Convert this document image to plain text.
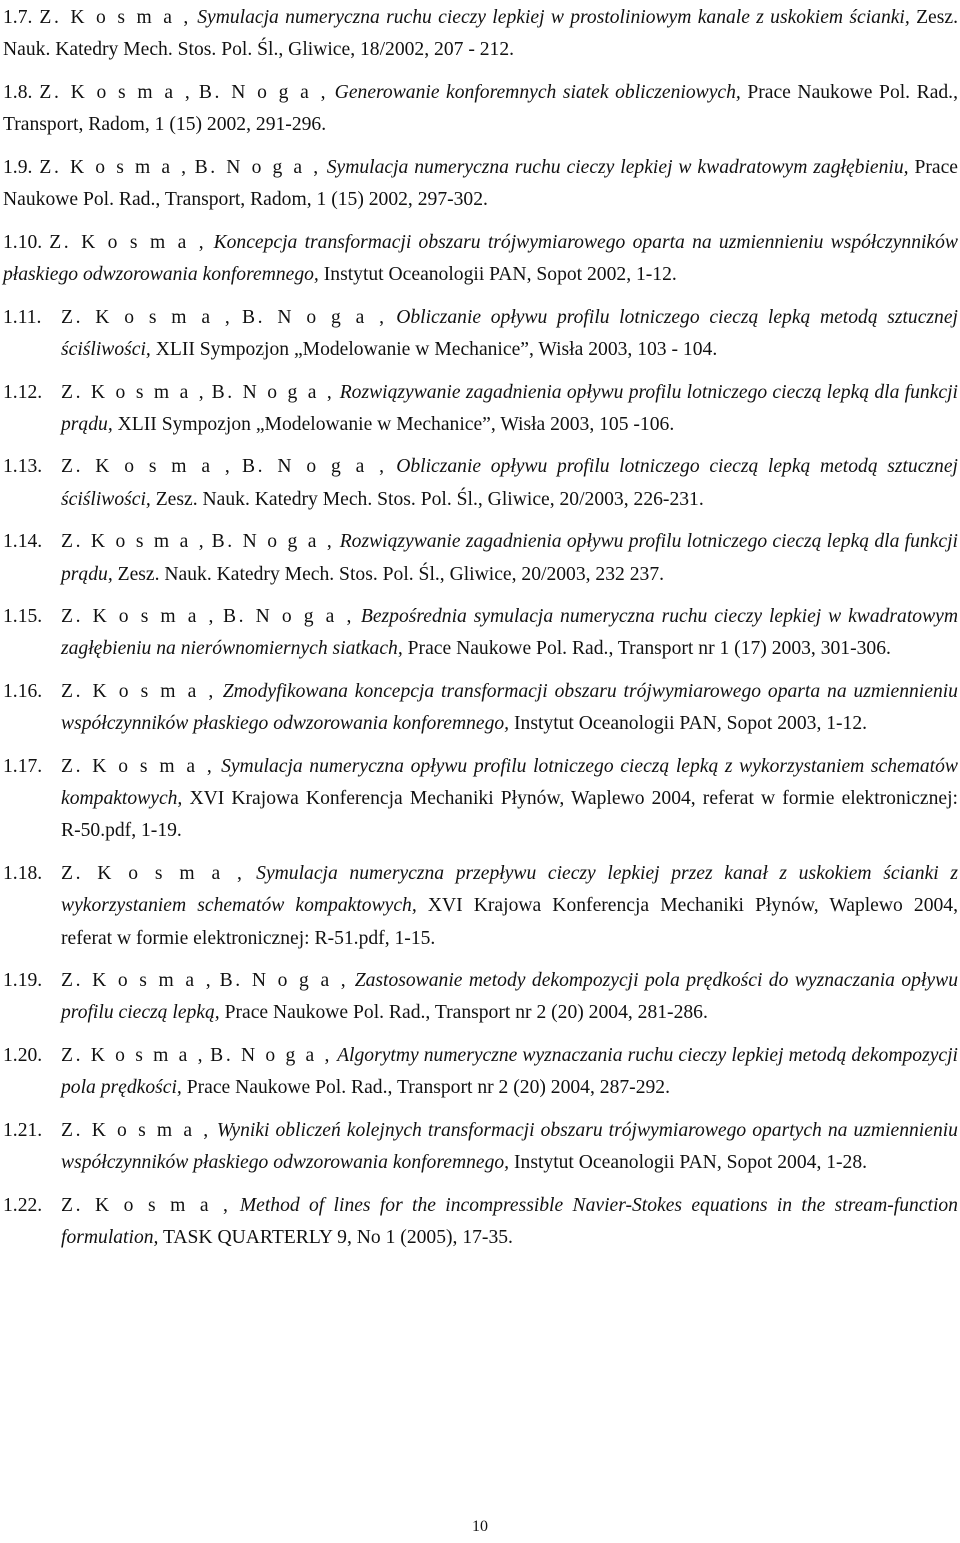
1.7. Z. K o s m a , Symulacja numeryczna ruchu cieczy lepkiej w prostoliniowym kanale z uskokiem ścianki, Zesz. Nauk. Katedry Mech. Stos. Pol. Śl., Gliwice, 18/2002, 207 - 212.
1.8. Z. K o s m a , B. N o g a , Generowanie konforemnych siatek obliczeniowych, Prace Naukowe Pol. Rad., Transport, Radom, 1 (15) 2002, 291-296.
1.9. Z. K o s m a , B. N o g a , Symulacja numeryczna ruchu cieczy lepkiej w kwadratowym zagłębieniu, Prace Naukowe Pol. Rad., Transport, Radom, 1 (15) 2002, 297-302.
1.10. Z. K o s m a , Koncepcja transformacji obszaru trójwymiarowego oparta na uzmiennieniu współczynników płaskiego odwzorowania konforemnego, Instytut Oceanologii PAN, Sopot 2002, 1-12.
1.11. Z. K o s m a , B. N o g a , Obliczanie opływu profilu lotniczego cieczą lepką metodą sztucznej ściśliwości, XLII Sympozjon „Modelowanie w Mechanice”, Wisła 2003, 103 - 104.
1.12. Z. K o s m a , B. N o g a , Rozwiązywanie zagadnienia opływu profilu lotniczego cieczą lepką dla funkcji prądu, XLII Sympozjon „Modelowanie w Mechanice”, Wisła 2003, 105 -106.
1.13. Z. K o s m a , B. N o g a , Obliczanie opływu profilu lotniczego cieczą lepką metodą sztucznej ściśliwości, Zesz. Nauk. Katedry Mech. Stos. Pol. Śl., Gliwice, 20/2003, 226-231.
1.14. Z. K o s m a , B. N o g a , Rozwiązywanie zagadnienia opływu profilu lotniczego cieczą lepką dla funkcji prądu, Zesz. Nauk. Katedry Mech. Stos. Pol. Śl., Gliwice, 20/2003, 232 237.
1.15. Z. K o s m a , B. N o g a , Bezpośrednia symulacja numeryczna ruchu cieczy lepkiej w kwadratowym zagłębieniu na nierównomiernych siatkach, Prace Naukowe Pol. Rad., Transport nr 1 (17) 2003, 301-306.
1.16. Z. K o s m a , Zmodyfikowana koncepcja transformacji obszaru trójwymiarowego oparta na uzmiennieniu współczynników płaskiego odwzorowania konforemnego, Instytut Oceanologii PAN, Sopot 2003, 1-12.
1.17. Z. K o s m a , Symulacja numeryczna opływu profilu lotniczego cieczą lepką z wykorzystaniem schematów kompaktowych, XVI Krajowa Konferencja Mechaniki Płynów, Waplewo 2004, referat w formie elektronicznej: R-50.pdf, 1-19.
1.18. Z. K o s m a , Symulacja numeryczna przepływu cieczy lepkiej przez kanał z uskokiem ścianki z wykorzystaniem schematów kompaktowych, XVI Krajowa Konferencja Mechaniki Płynów, Waplewo 2004, referat w formie elektronicznej: R-51.pdf, 1-15.
1.19. Z. K o s m a , B. N o g a , Zastosowanie metody dekompozycji pola prędkości do wyznaczania opływu profilu cieczą lepką, Prace Naukowe Pol. Rad., Transport nr 2 (20) 2004, 281-286.
1.20. Z. K o s m a , B. N o g a , Algorytmy numeryczne wyznaczania ruchu cieczy lepkiej metodą dekompozycji pola prędkości, Prace Naukowe Pol. Rad., Transport nr 2 (20) 2004, 287-292.
1.21. Z. K o s m a , Wyniki obliczeń kolejnych transformacji obszaru trójwymiarowego opartych na uzmiennieniu współczynników płaskiego odwzorowania konforemnego, Instytut Oceanologii PAN, Sopot 2004, 1-28.
1.22. Z. K o s m a , Method of lines for the incompressible Navier-Stokes equations in the stream-function formulation, TASK QUARTERLY 9, No 1 (2005), 17-35.
10
